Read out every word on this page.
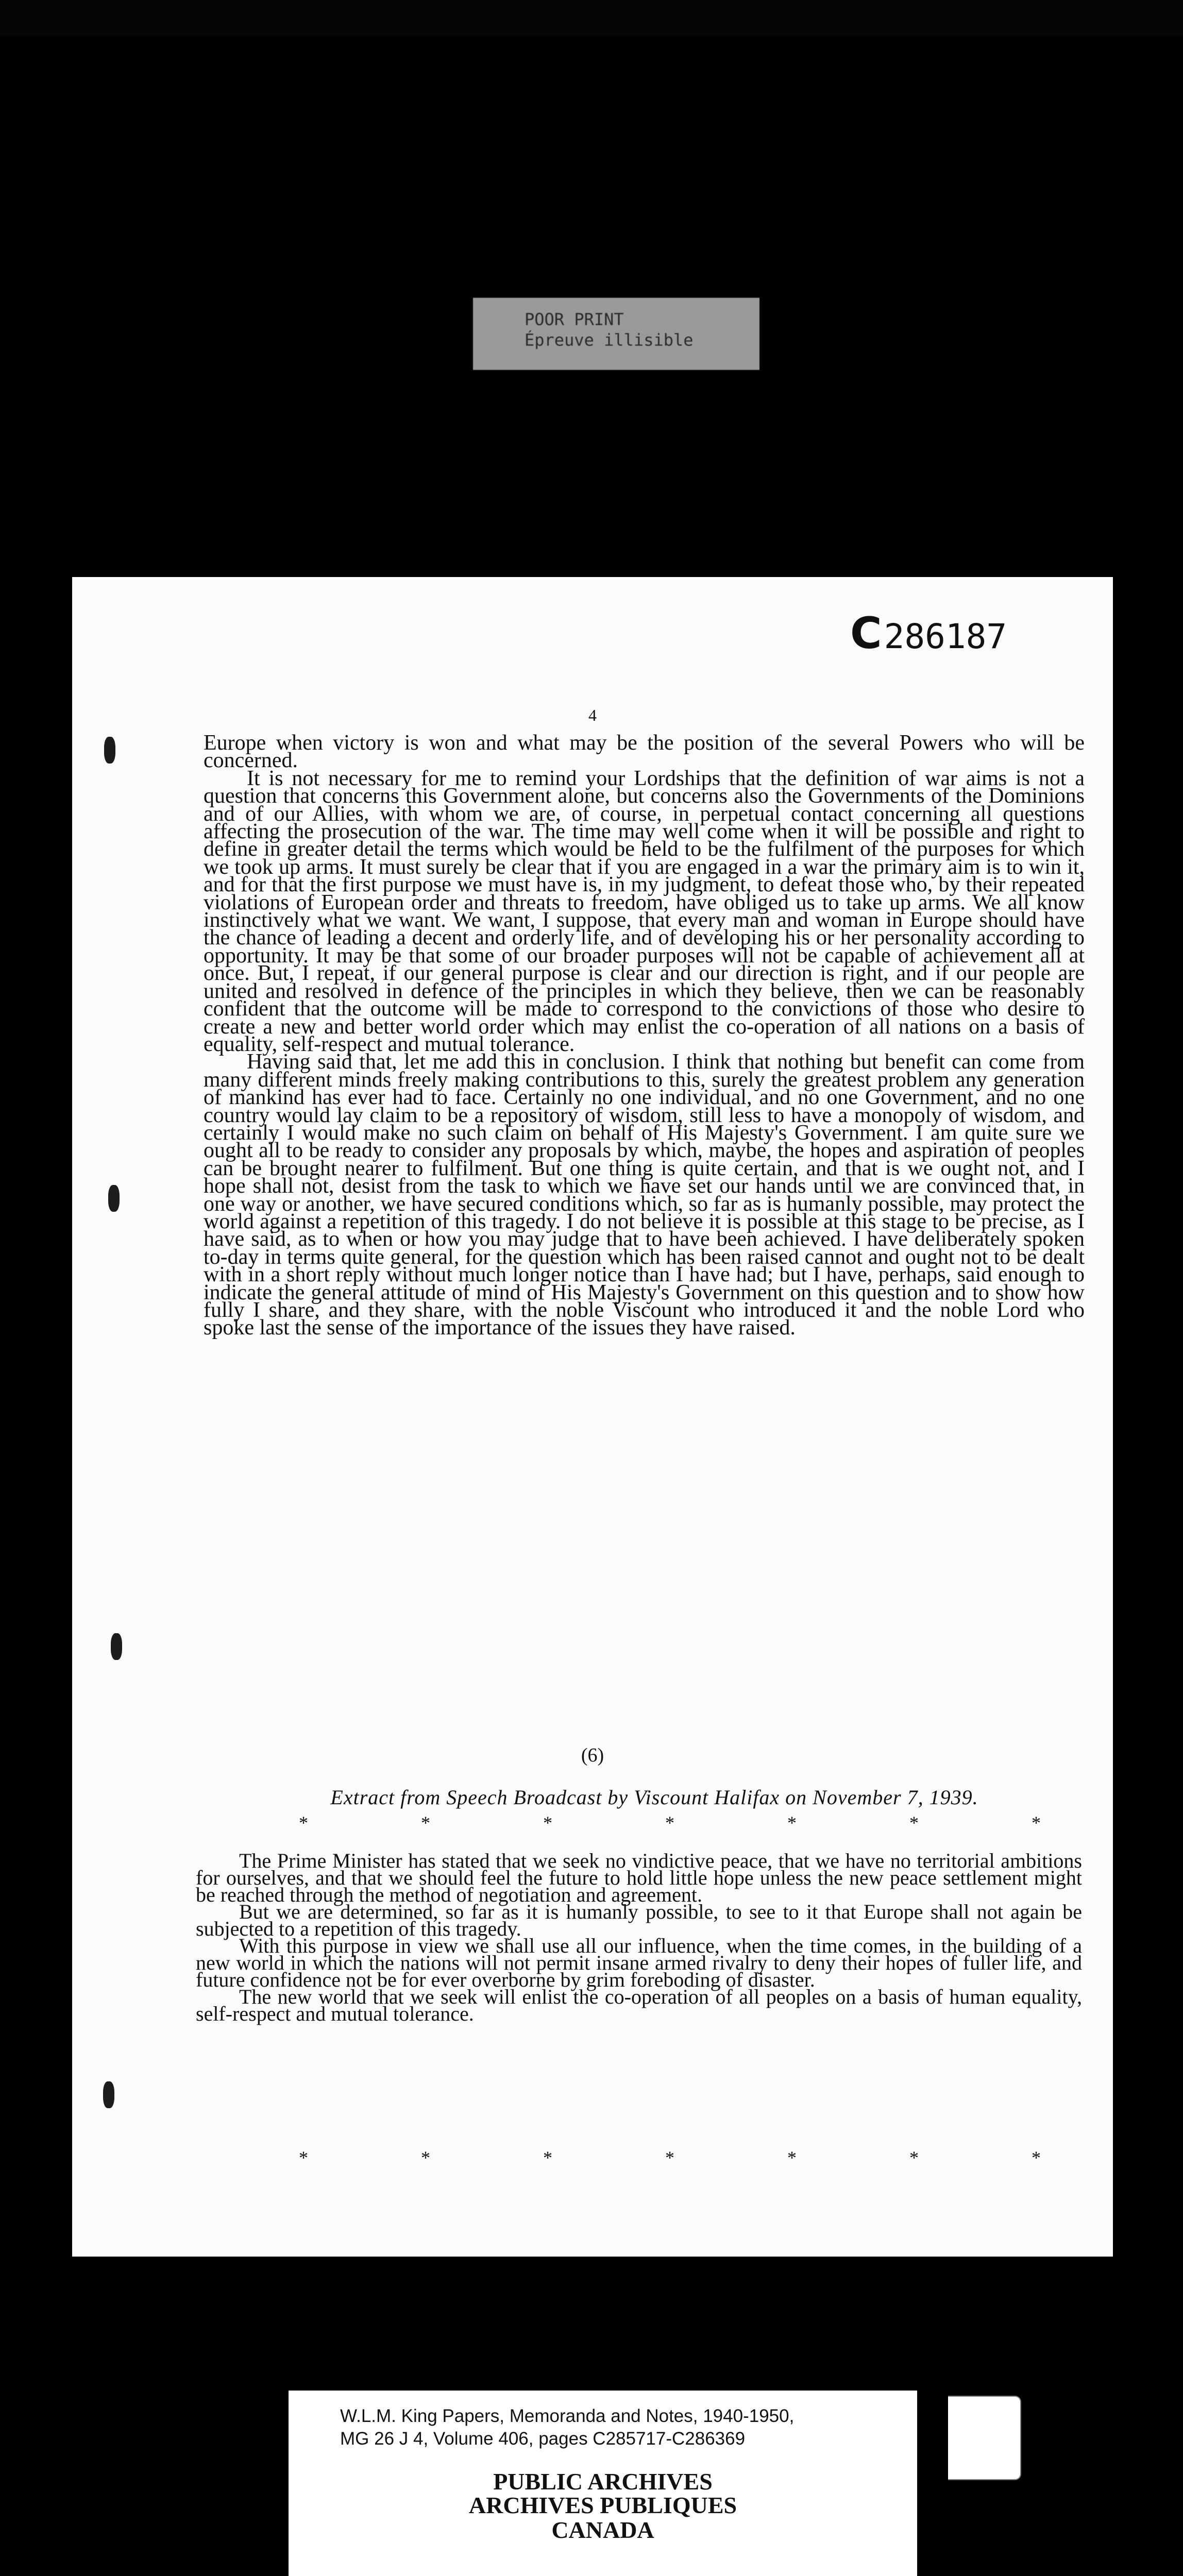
POOR PRINT
Épreuve illisible
C286187
4

Europe when victory is won and what may be the position of the several Powers who will be concerned.

It is not necessary for me to remind your Lordships that the definition of war aims is not a question that concerns this Government alone, but concerns also the Governments of the Dominions and of our Allies, with whom we are, of course, in perpetual contact concerning all questions affecting the prosecution of the war. The time may well come when it will be possible and right to define in greater detail the terms which would be held to be the fulfilment of the purposes for which we took up arms. It must surely be clear that if you are engaged in a war the primary aim is to win it, and for that the first purpose we must have is, in my judgment, to defeat those who, by their repeated violations of European order and threats to freedom, have obliged us to take up arms. We all know instinctively what we want. We want, I suppose, that every man and woman in Europe should have the chance of leading a decent and orderly life, and of developing his or her personality according to opportunity. It may be that some of our broader purposes will not be capable of achievement all at once. But, I repeat, if our general purpose is clear and our direction is right, and if our people are united and resolved in defence of the principles in which they believe, then we can be reasonably confident that the outcome will be made to correspond to the convictions of those who desire to create a new and better world order which may enlist the co-operation of all nations on a basis of equality, self-respect and mutual tolerance.

Having said that, let me add this in conclusion. I think that nothing but benefit can come from many different minds freely making contributions to this, surely the greatest problem any generation of mankind has ever had to face. Certainly no one individual, and no one Government, and no one country would lay claim to be a repository of wisdom, still less to have a monopoly of wisdom, and certainly I would make no such claim on behalf of His Majesty's Government. I am quite sure we ought all to be ready to consider any proposals by which, maybe, the hopes and aspiration of peoples can be brought nearer to fulfilment. But one thing is quite certain, and that is we ought not, and I hope shall not, desist from the task to which we have set our hands until we are convinced that, in one way or another, we have secured conditions which, so far as is humanly possible, may protect the world against a repetition of this tragedy. I do not believe it is possible at this stage to be precise, as I have said, as to when or how you may judge that to have been achieved. I have deliberately spoken to-day in terms quite general, for the question which has been raised cannot and ought not to be dealt with in a short reply without much longer notice than I have had; but I have, perhaps, said enough to indicate the general attitude of mind of His Majesty's Government on this question and to show how fully I share, and they share, with the noble Viscount who introduced it and the noble Lord who spoke last the sense of the importance of the issues they have raised.

(6)
Extract from Speech Broadcast by Viscount Halifax on November 7, 1939.
*	*	*	*	*	*	*

The Prime Minister has stated that we seek no vindictive peace, that we have no territorial ambitions for ourselves, and that we should feel the future to hold little hope unless the new peace settlement might be reached through the method of negotiation and agreement.

But we are determined, so far as it is humanly possible, to see to it that Europe shall not again be subjected to a repetition of this tragedy.

With this purpose in view we shall use all our influence, when the time comes, in the building of a new world in which the nations will not permit insane armed rivalry to deny their hopes of fuller life, and future confidence not be for ever overborne by grim foreboding of disaster.

The new world that we seek will enlist the co-operation of all peoples on a basis of human equality, self-respect and mutual tolerance.

*	*	*	*	*	*	*
W.L.M. King Papers, Memoranda and Notes, 1940-1950,
MG 26 J 4, Volume 406, pages C285717-C286369
PUBLIC ARCHIVES
ARCHIVES PUBLIQUES
CANADA
